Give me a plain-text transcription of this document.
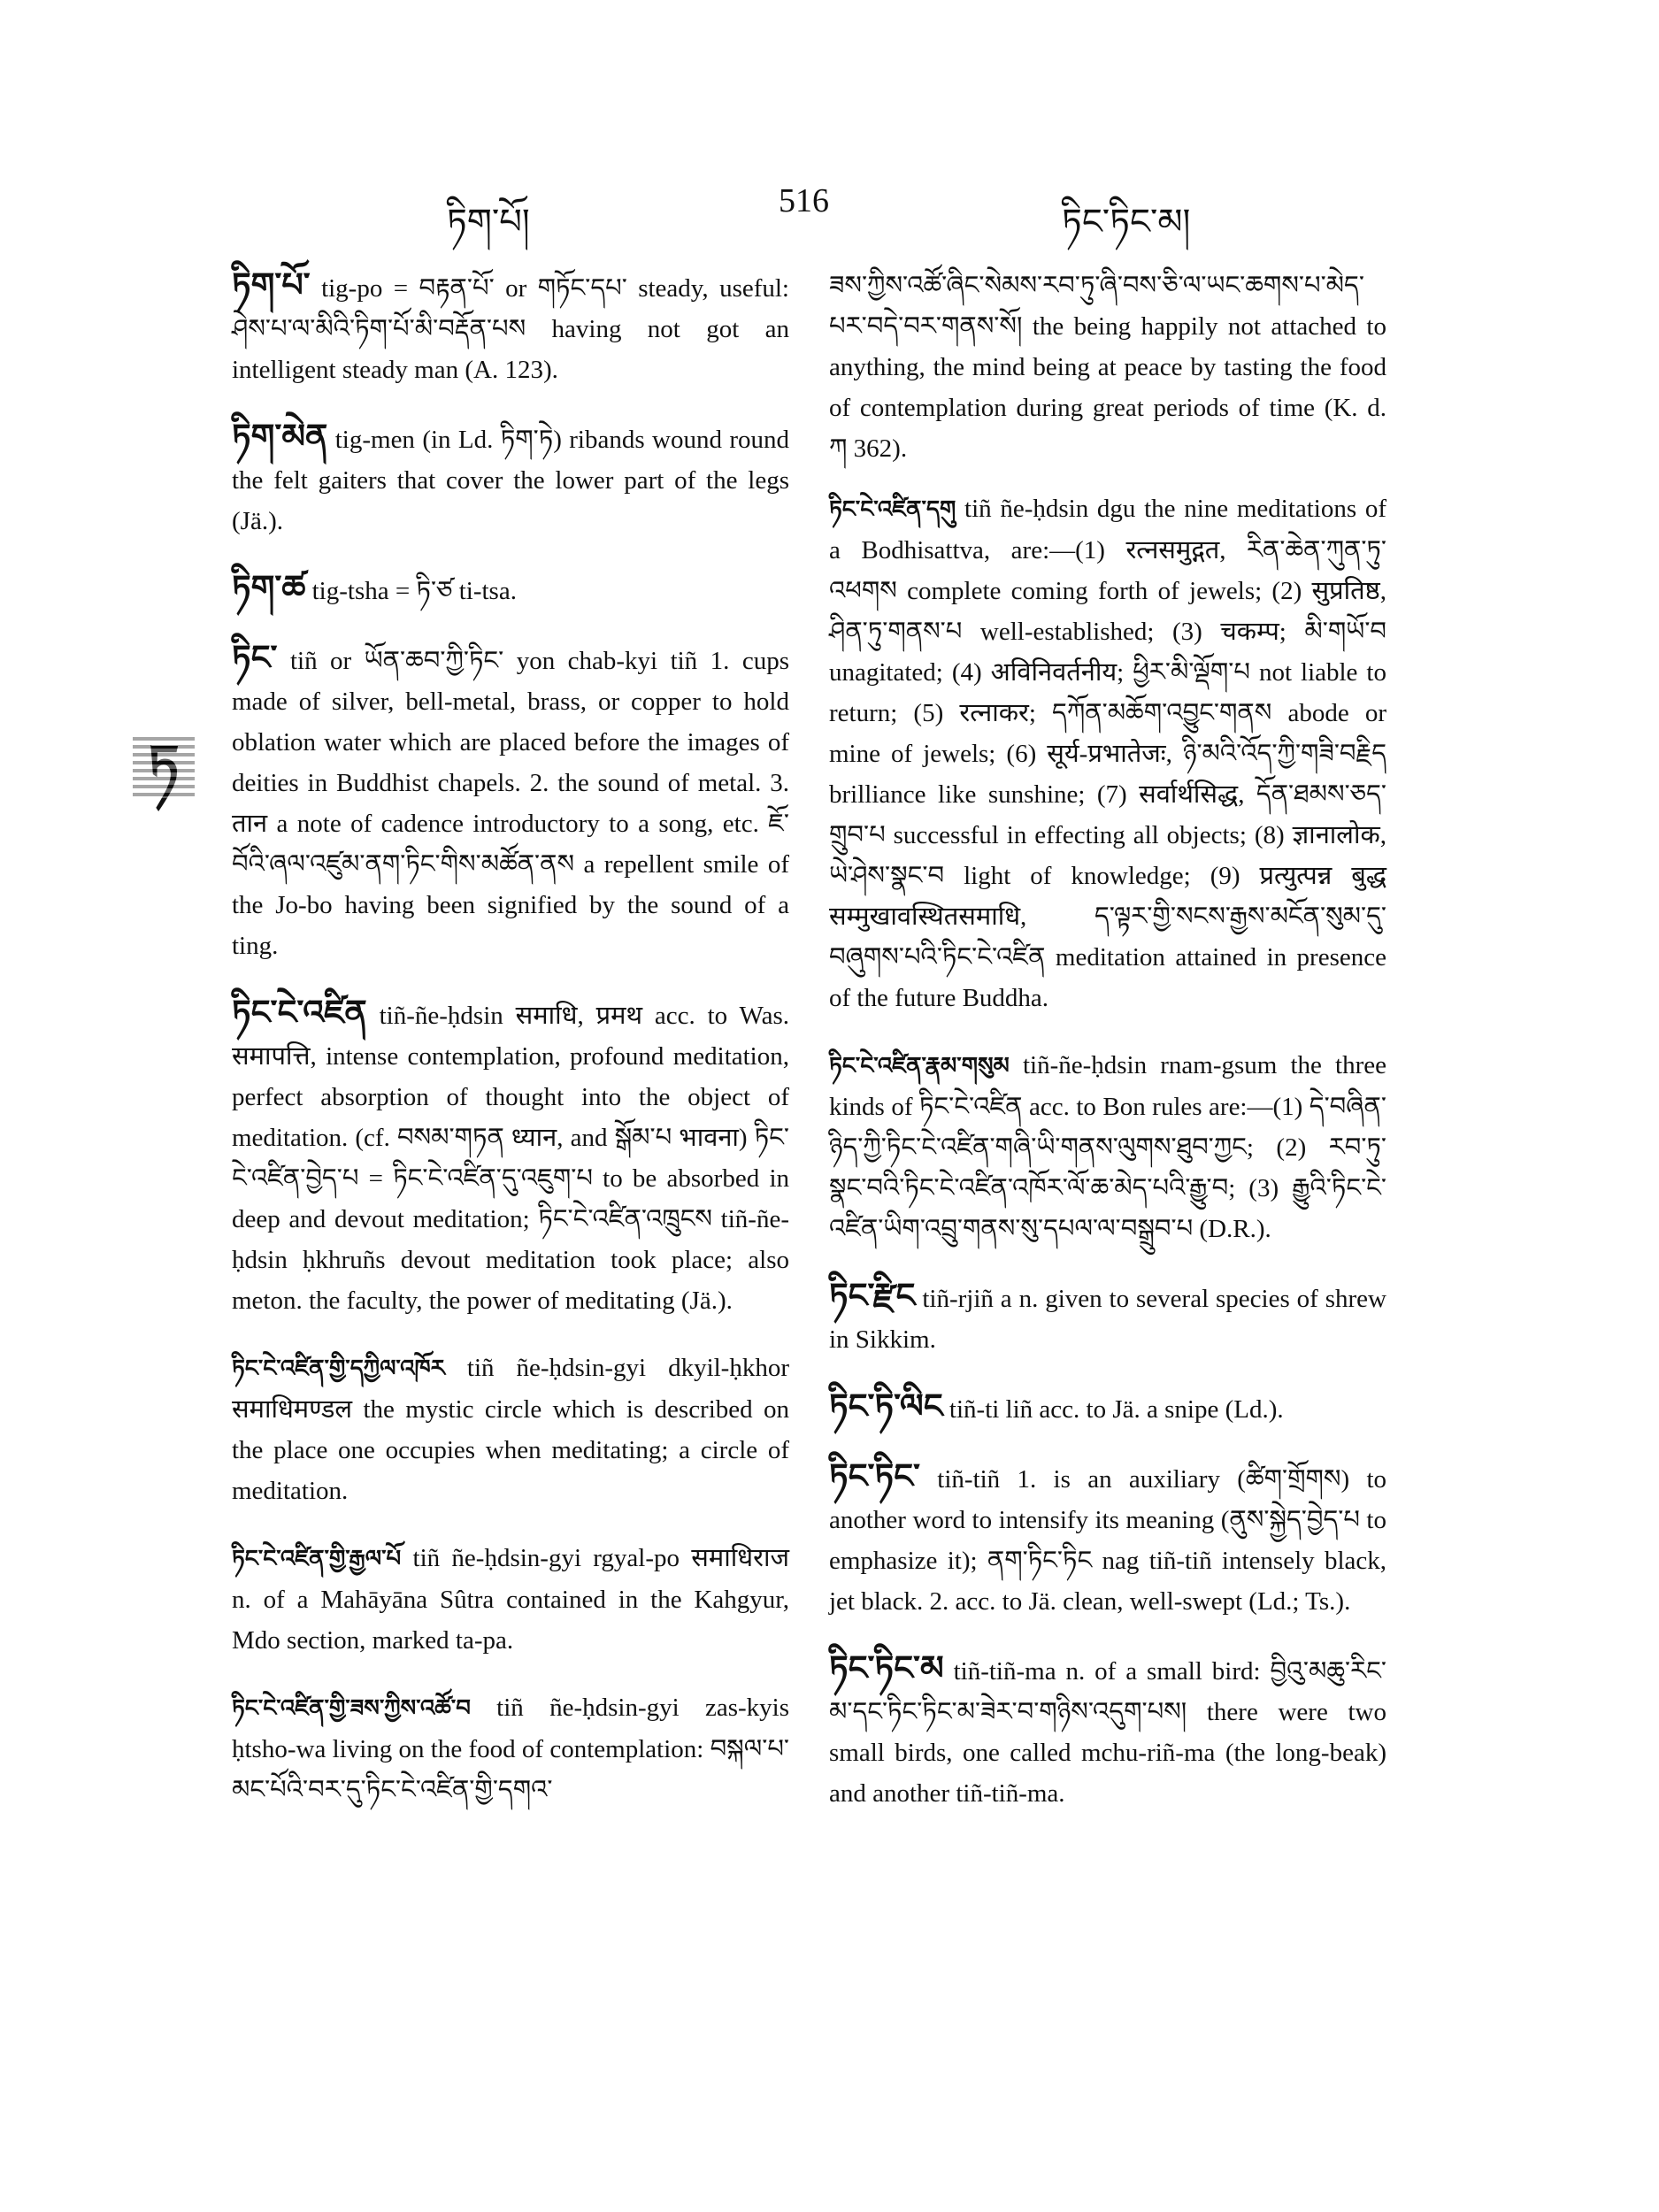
ཏིག་པོ།
516
ཏིང་ཏིང་མ།
ཏ

ཏིག་པོ་ tig-po = བརྟན་པོ་ or གཏོང་དཔ་ steady, useful: ཤེས་པ་ལ་མིའི་ཏིག་པོ་མི་བརྡོན་པས having not got an intelligent steady man (A. 123).

ཏིག་མེན tig-men (in Ld. ཏིག་ཏེ) ribands wound round the felt gaiters that cover the lower part of the legs (Jä.).

ཏིག་ཚ tig-tsha = ཏི་ཙ ti-tsa.

ཏིང་ tiñ or ཡོན་ཆབ་ཀྱི་ཏིང་ yon chab-kyi tiñ 1. cups made of silver, bell-metal, brass, or copper to hold oblation water which are placed before the images of deities in Buddhist chapels. 2. the sound of metal. 3. तान a note of cadence introductory to a song, etc. ཇོ་བོའི་ཞལ་འཛུམ་ནག་ཏིང་གིས་མཚོན་ནས a repellent smile of the Jo-bo having been signified by the sound of a ting.

ཏིང་ངེ་འཛིན tiñ-ñe-ḥdsin समाधि, प्रमथ acc. to Was. समापत्ति, intense contemplation, profound meditation, perfect absorption of thought into the object of meditation. (cf. བསམ་གཏན ध्यान, and སྒོམ་པ भावना) ཏིང་ངེ་འཛིན་བྱེད་པ = ཏིང་ངེ་འཛིན་དུ་འཇུག་པ to be absorbed in deep and devout meditation; ཏིང་ངེ་འཛིན་འཁྲུངས tiñ-ñe-ḥdsin ḥkhruñs devout meditation took place; also meton. the faculty, the power of meditating (Jä.).

ཏིང་ངེ་འཛིན་གྱི་དཀྱིལ་འཁོར tiñ ñe-ḥdsin-gyi dkyil-ḥkhor समाधिमण्डल the mystic circle which is described on the place one occupies when meditating; a circle of meditation.

ཏིང་ངེ་འཛིན་གྱི་རྒྱལ་པོ tiñ ñe-ḥdsin-gyi rgyal-po समाधिराज n. of a Mahāyāna Sûtra contained in the Kahgyur, Mdo section, marked ta-pa.

ཏིང་ངེ་འཛིན་གྱི་ཟས་ཀྱིས་འཚོ་བ tiñ ñe-ḥdsin-gyi zas-kyis ḥtsho-wa living on the food of contemplation: བསྐལ་པ་མང་པོའི་བར་དུ་ཏིང་ངེ་འཛིན་གྱི་དགའ་

ཟས་ཀྱིས་འཚོ་ཞིང་སེམས་རབ་ཏུ་ཞི་བས་ཅི་ལ་ཡང་ཆགས་པ་མེད་པར་བདེ་བར་གནས་སོ། the being happily not attached to anything, the mind being at peace by tasting the food of contemplation during great periods of time (K. d. ཀ 362).

ཏིང་ངེ་འཛིན་དགུ tiñ ñe-ḥdsin dgu the nine meditations of a Bodhisattva, are:—(1) रत्नसमुद्गत, རིན་ཆེན་ཀུན་ཏུ་འཕགས complete coming forth of jewels; (2) सुप्रतिष्ठ, ཤིན་ཏུ་གནས་པ well-established; (3) चकम्प; མི་གཡོ་བ unagitated; (4) अविनिवर्तनीय; ཕྱིར་མི་ལྡོག་པ not liable to return; (5) रत्नाकर; དཀོན་མཆོག་འབྱུང་གནས abode or mine of jewels; (6) सूर्य-प्रभातेजः, ཉི་མའི་འོད་ཀྱི་གཟི་བརྗིད brilliance like sunshine; (7) सर्वार्थसिद्ध, དོན་ཐམས་ཅད་གྲུབ་པ successful in effecting all objects; (8) ज्ञानालोक, ཡེ་ཤེས་སྣང་བ light of knowledge; (9) प्रत्युत्पन्न बुद्ध सम्मुखावस्थितसमाधि, ད་ལྟར་གྱི་སངས་རྒྱས་མངོན་སུམ་དུ་བཞུགས་པའི་ཏིང་ངེ་འཛིན meditation attained in presence of the future Buddha.

ཏིང་ངེ་འཛིན་རྣམ་གསུམ tiñ-ñe-ḥdsin rnam-gsum the three kinds of ཏིང་ངེ་འཛིན acc. to Bon rules are:—(1) དེ་བཞིན་ཉིད་ཀྱི་ཏིང་ངེ་འཛིན་གཞི་ཡི་གནས་ལུགས་ཐུབ་ཀྱང; (2) རབ་ཏུ་སྣང་བའི་ཏིང་ངེ་འཛིན་འཁོར་ལོ་ཆ་མེད་པའི་རྒྱུ་བ; (3) རྒྱུའི་ཏིང་ངེ་འཛིན་ཡིག་འབྲུ་གནས་སུ་དཔལ་ལ་བསྒྲུབ་པ (D.R.).

ཏིང་རྫིང tiñ-rjiñ a n. given to several species of shrew in Sikkim.

ཏིང་ཏི་ལིང tiñ-ti liñ acc. to Jä. a snipe (Ld.).

ཏིང་ཏིང་ tiñ-tiñ 1. is an auxiliary (ཚིག་གྲོགས) to another word to intensify its meaning (ནུས་སྐྱེད་བྱེད་པ to emphasize it); ནག་ཏིང་ཏིང nag tiñ-tiñ intensely black, jet black. 2. acc. to Jä. clean, well-swept (Ld.; Ts.).

ཏིང་ཏིང་མ tiñ-tiñ-ma n. of a small bird: བྱིའུ་མཆུ་རིང་མ་དང་ཏིང་ཏིང་མ་ཟེར་བ་གཉིས་འདུག་པས། there were two small birds, one called mchu-riñ-ma (the long-beak) and another tiñ-tiñ-ma.
